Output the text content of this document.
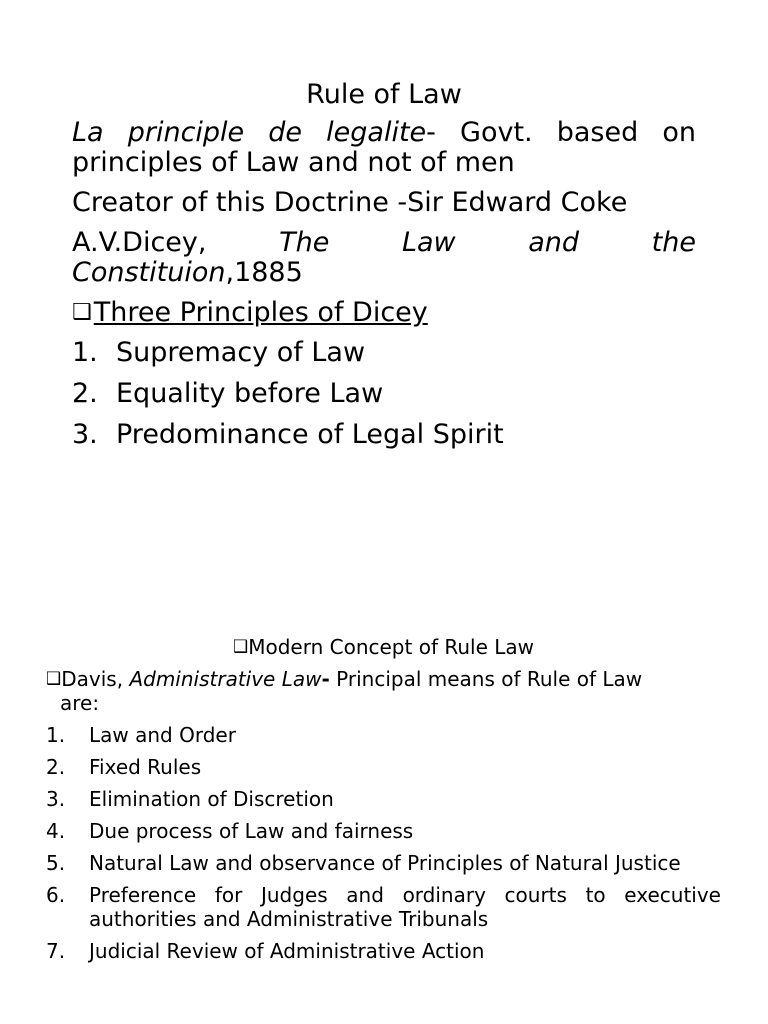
Rule of Law

La principle de legalite- Govt. based on principles of Law and not of men

Creator of this Doctrine -Sir Edward Coke

A.V.Dicey,	The	Law	and	the
Constituion,1885
❑Three Principles of Dicey
1. Supremacy of Law
2. Equality before Law
3. Predominance of Legal Spirit
❑Modern Concept of Rule Law
❑Davis, Administrative Law- Principal means of Rule of Law
are:
1.	Law and Order
2.	Fixed Rules
3.	Elimination of Discretion
4.	Due process of Law and fairness
5.	Natural Law and observance of Principles of Natural Justice
6.	Preference for Judges and ordinary courts to executive authorities and Administrative Tribunals
7.	Judicial Review of Administrative Action
